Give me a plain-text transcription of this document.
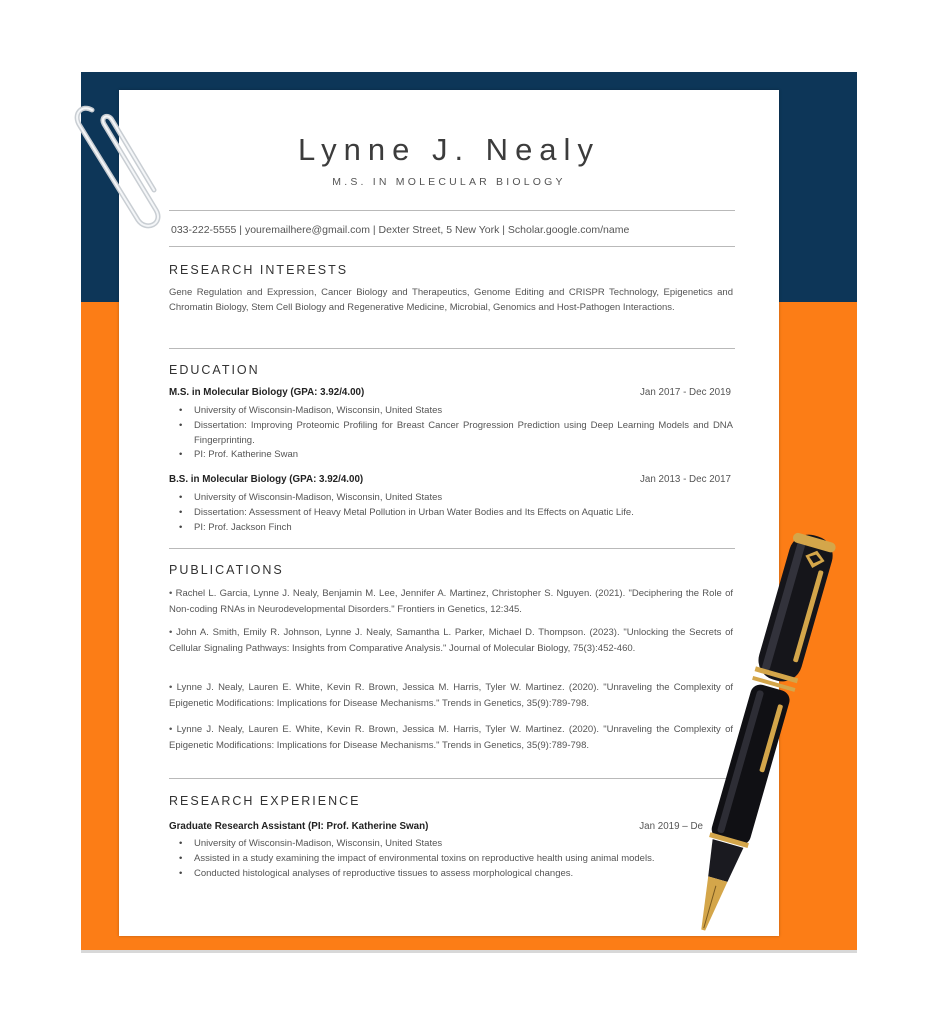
Lynne J. Nealy
M.S. IN MOLECULAR BIOLOGY
033-222-5555 | youremailhere@gmail.com | Dexter Street, 5 New York | Scholar.google.com/name
RESEARCH INTERESTS
Gene Regulation and Expression, Cancer Biology and Therapeutics, Genome Editing and CRISPR Technology, Epigenetics and Chromatin Biology, Stem Cell Biology and Regenerative Medicine, Microbial, Genomics and Host-Pathogen Interactions.
EDUCATION
M.S. in Molecular Biology (GPA: 3.92/4.00)	Jan 2017 - Dec 2019
• University of Wisconsin-Madison, Wisconsin, United States
• Dissertation: Improving Proteomic Profiling for Breast Cancer Progression Prediction using Deep Learning Models and DNA Fingerprinting.
• PI: Prof. Katherine Swan
B.S. in Molecular Biology (GPA: 3.92/4.00)	Jan 2013 - Dec 2017
• University of Wisconsin-Madison, Wisconsin, United States
• Dissertation: Assessment of Heavy Metal Pollution in Urban Water Bodies and Its Effects on Aquatic Life.
• PI: Prof. Jackson Finch
PUBLICATIONS
• Rachel L. Garcia, Lynne J. Nealy, Benjamin M. Lee, Jennifer A. Martinez, Christopher S. Nguyen. (2021). "Deciphering the Role of Non-coding RNAs in Neurodevelopmental Disorders." Frontiers in Genetics, 12:345.
• John A. Smith, Emily R. Johnson, Lynne J. Nealy, Samantha L. Parker, Michael D. Thompson. (2023). "Unlocking the Secrets of Cellular Signaling Pathways: Insights from Comparative Analysis." Journal of Molecular Biology, 75(3):452-460.
• Lynne J. Nealy, Lauren E. White, Kevin R. Brown, Jessica M. Harris, Tyler W. Martinez. (2020). "Unraveling the Complexity of Epigenetic Modifications: Implications for Disease Mechanisms." Trends in Genetics, 35(9):789-798.
• Lynne J. Nealy, Lauren E. White, Kevin R. Brown, Jessica M. Harris, Tyler W. Martinez. (2020). "Unraveling the Complexity of Epigenetic Modifications: Implications for Disease Mechanisms." Trends in Genetics, 35(9):789-798.
RESEARCH EXPERIENCE
Graduate Research Assistant (PI: Prof. Katherine Swan)	Jan 2019 – De
• University of Wisconsin-Madison, Wisconsin, United States
• Assisted in a study examining the impact of environmental toxins on reproductive health using animal models.
• Conducted histological analyses of reproductive tissues to assess morphological changes.
